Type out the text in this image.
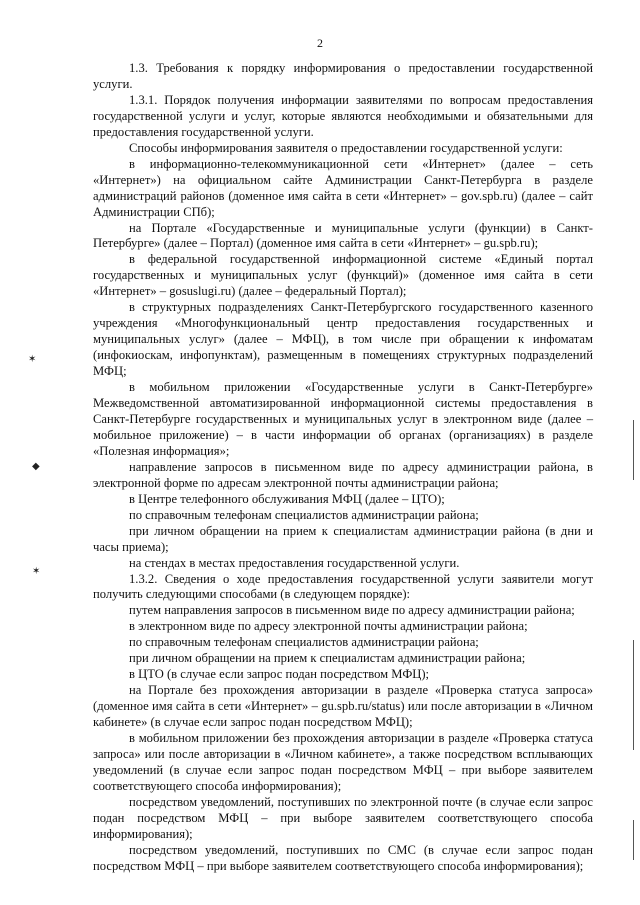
2

1.3. Требования к порядку информирования о предоставлении государственной услуги.

1.3.1. Порядок получения информации заявителями по вопросам предоставления государственной услуги и услуг, которые являются необходимыми и обязательными для предоставления государственной услуги.

Способы информирования заявителя о предоставлении государственной услуги:

в информационно-телекоммуникационной сети «Интернет» (далее – сеть «Интернет») на официальном сайте Администрации Санкт-Петербурга в разделе администраций районов (доменное имя сайта в сети «Интернет» – gov.spb.ru) (далее – сайт Администрации СПб);

на Портале «Государственные и муниципальные услуги (функции) в Санкт-Петербурге» (далее – Портал) (доменное имя сайта в сети «Интернет» – gu.spb.ru);

в федеральной государственной информационной системе «Единый портал государственных и муниципальных услуг (функций)» (доменное имя сайта в сети «Интернет» – gosuslugi.ru) (далее – федеральный Портал);

в структурных подразделениях Санкт-Петербургского государственного казенного учреждения «Многофункциональный центр предоставления государственных и муниципальных услуг» (далее – МФЦ), в том числе при обращении к инфоматам (инфокиоскам, инфопунктам), размещенным в помещениях структурных подразделений МФЦ;

в мобильном приложении «Государственные услуги в Санкт-Петербурге» Межведомственной автоматизированной информационной системы предоставления в Санкт-Петербурге государственных и муниципальных услуг в электронном виде (далее – мобильное приложение) – в части информации об органах (организациях) в разделе «Полезная информация»;

направление запросов в письменном виде по адресу администрации района, в электронной форме по адресам электронной почты администрации района;

в Центре телефонного обслуживания МФЦ (далее – ЦТО);

по справочным телефонам специалистов администрации района;

при личном обращении на прием к специалистам администрации района (в дни и часы приема);

на стендах в местах предоставления государственной услуги.

1.3.2. Сведения о ходе предоставления государственной услуги заявители могут получить следующими способами (в следующем порядке):

путем направления запросов в письменном виде по адресу администрации района;

в электронном виде по адресу электронной почты администрации района;

по справочным телефонам специалистов администрации района;

при личном обращении на прием к специалистам администрации района;

в ЦТО (в случае если запрос подан посредством МФЦ);

на Портале без прохождения авторизации в разделе «Проверка статуса запроса» (доменное имя сайта в сети «Интернет» – gu.spb.ru/status) или после авторизации в «Личном кабинете» (в случае если запрос подан посредством МФЦ);

в мобильном приложении без прохождения авторизации в разделе «Проверка статуса запроса» или после авторизации в «Личном кабинете», а также посредством всплывающих уведомлений (в случае если запрос подан посредством МФЦ – при выборе заявителем соответствующего способа информирования);

посредством уведомлений, поступивших по электронной почте (в случае если запрос подан посредством МФЦ – при выборе заявителем соответствующего способа информирования);

посредством уведомлений, поступивших по СМС (в случае если запрос подан посредством МФЦ – при выборе заявителем соответствующего способа информирования);

✶
◆
✶
